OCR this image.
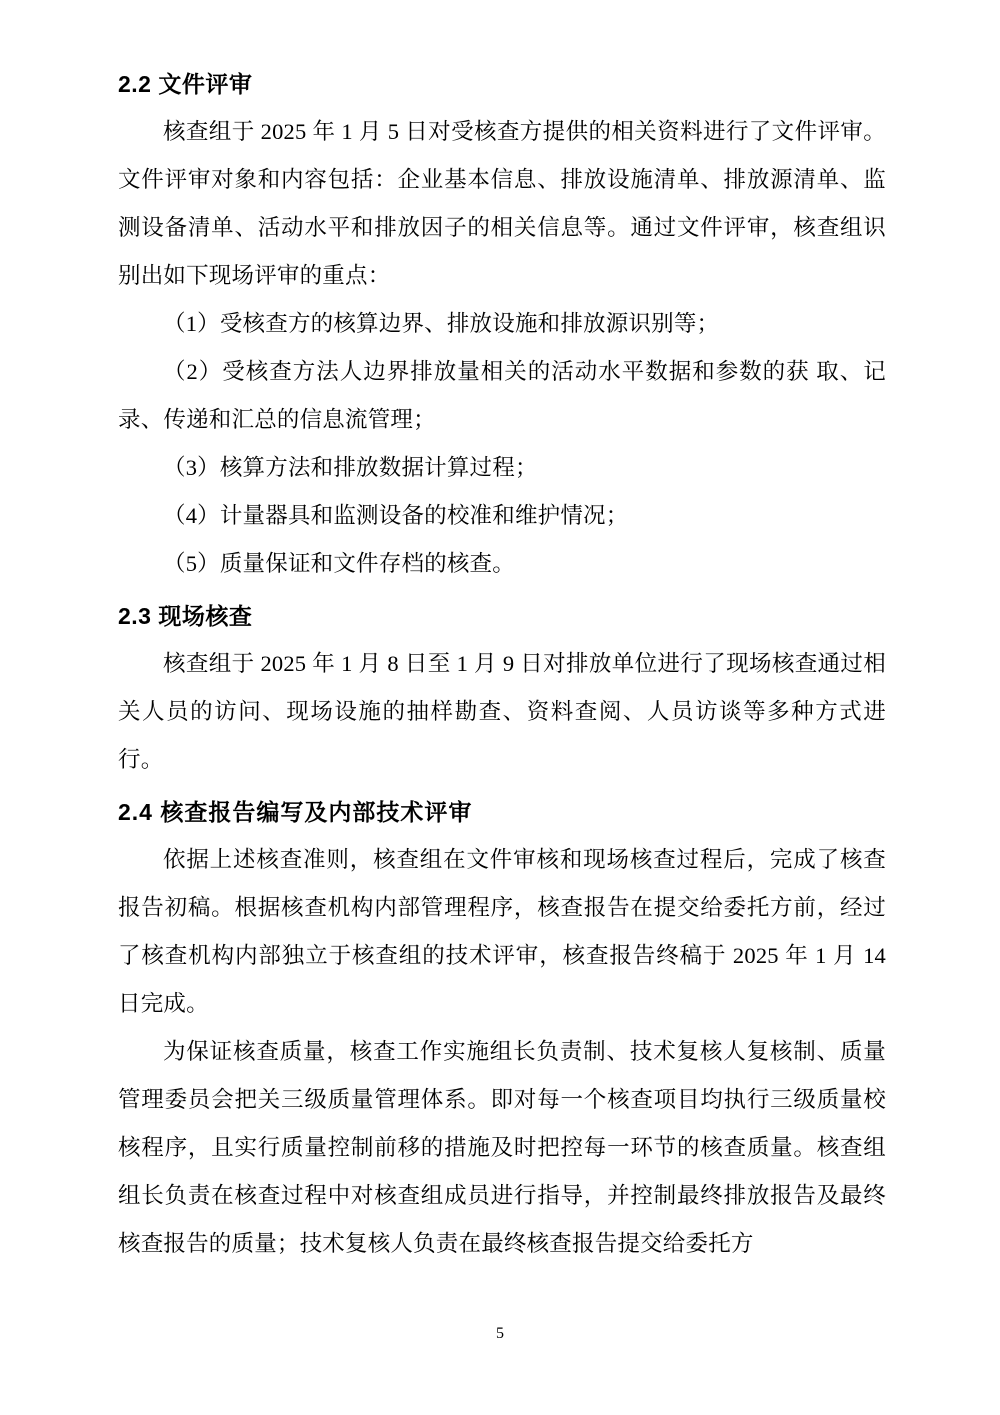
2.2 文件评审

核查组于 2025 年 1 月 5 日对受核查方提供的相关资料进行了文件评审。文件评审对象和内容包括：企业基本信息、排放设施清单、排放源清单、监测设备清单、活动水平和排放因子的相关信息等。通过文件评审，核查组识别出如下现场评审的重点：

（1）受核查方的核算边界、排放设施和排放源识别等；

（2）受核查方法人边界排放量相关的活动水平数据和参数的获 取、记录、传递和汇总的信息流管理；

（3）核算方法和排放数据计算过程；

（4）计量器具和监测设备的校准和维护情况；

（5）质量保证和文件存档的核查。

2.3 现场核查

核查组于 2025 年 1 月 8 日至 1 月 9 日对排放单位进行了现场核查通过相关人员的访问、现场设施的抽样勘查、资料查阅、人员访谈等多种方式进行。

2.4 核查报告编写及内部技术评审

依据上述核查准则，核查组在文件审核和现场核查过程后，完成了核查报告初稿。根据核查机构内部管理程序，核查报告在提交给委托方前，经过了核查机构内部独立于核查组的技术评审，核查报告终稿于 2025 年 1 月 14 日完成。

为保证核查质量，核查工作实施组长负责制、技术复核人复核制、质量管理委员会把关三级质量管理体系。即对每一个核查项目均执行三级质量校核程序，且实行质量控制前移的措施及时把控每一环节的核查质量。核查组组长负责在核查过程中对核查组成员进行指导，并控制最终排放报告及最终核查报告的质量；技术复核人负责在最终核查报告提交给委托方

5
